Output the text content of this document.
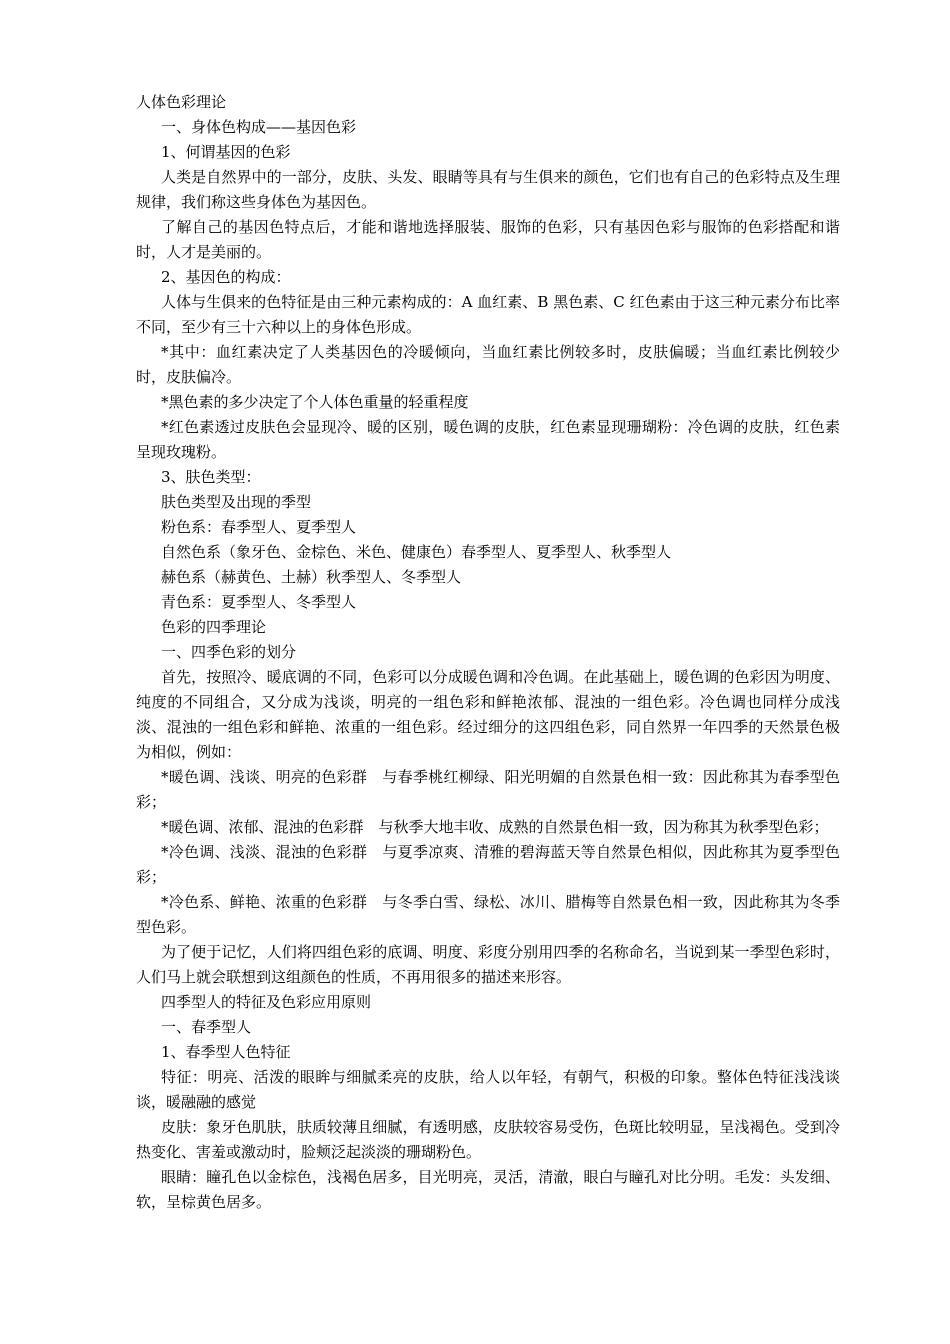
人体色彩理论

一、身体色构成——基因色彩

1、何谓基因的色彩

人类是自然界中的一部分，皮肤、头发、眼睛等具有与生俱来的颜色，它们也有自己的色彩特点及生理规律，我们称这些身体色为基因色。

了解自己的基因色特点后，才能和谐地选择服装、服饰的色彩，只有基因色彩与服饰的色彩搭配和谐时，人才是美丽的。

2、基因色的构成：

人体与生俱来的色特征是由三种元素构成的：A 血红素、B 黑色素、C 红色素由于这三种元素分布比率不同，至少有三十六种以上的身体色形成。

*其中：血红素决定了人类基因色的冷暖倾向，当血红素比例较多时，皮肤偏暖；当血红素比例较少时，皮肤偏冷。

*黑色素的多少决定了个人体色重量的轻重程度

*红色素透过皮肤色会显现冷、暖的区别，暖色调的皮肤，红色素显现珊瑚粉：冷色调的皮肤，红色素呈现玫瑰粉。

3、肤色类型：

肤色类型及出现的季型

粉色系：春季型人、夏季型人

自然色系（象牙色、金棕色、米色、健康色）春季型人、夏季型人、秋季型人

赫色系（赫黄色、土赫）秋季型人、冬季型人

青色系：夏季型人、冬季型人

色彩的四季理论

一、四季色彩的划分

首先，按照冷、暖底调的不同，色彩可以分成暖色调和冷色调。在此基础上，暖色调的色彩因为明度、纯度的不同组合，又分成为浅谈，明亮的一组色彩和鲜艳浓郁、混浊的一组色彩。冷色调也同样分成浅淡、混浊的一组色彩和鲜艳、浓重的一组色彩。经过细分的这四组色彩，同自然界一年四季的天然景色极为相似，例如：

*暖色调、浅谈、明亮的色彩群　与春季桃红柳绿、阳光明媚的自然景色相一致：因此称其为春季型色彩；

*暖色调、浓郁、混浊的色彩群　与秋季大地丰收、成熟的自然景色相一致，因为称其为秋季型色彩；

*冷色调、浅淡、混浊的色彩群　与夏季凉爽、清雅的碧海蓝天等自然景色相似，因此称其为夏季型色彩；

*冷色系、鲜艳、浓重的色彩群　与冬季白雪、绿松、冰川、腊梅等自然景色相一致，因此称其为冬季型色彩。

为了便于记忆，人们将四组色彩的底调、明度、彩度分别用四季的名称命名，当说到某一季型色彩时，人们马上就会联想到这组颜色的性质，不再用很多的描述来形容。

四季型人的特征及色彩应用原则

一、春季型人

1、春季型人色特征

特征：明亮、活泼的眼眸与细腻柔亮的皮肤，给人以年轻，有朝气，积极的印象。整体色特征浅浅谈谈，暖融融的感觉

皮肤：象牙色肌肤，肤质较薄且细腻，有透明感，皮肤较容易受伤，色斑比较明显，呈浅褐色。受到冷热变化、害羞或激动时，脸颊泛起淡淡的珊瑚粉色。

眼睛：瞳孔色以金棕色，浅褐色居多，目光明亮，灵活，清澈，眼白与瞳孔对比分明。毛发：头发细、软，呈棕黄色居多。
